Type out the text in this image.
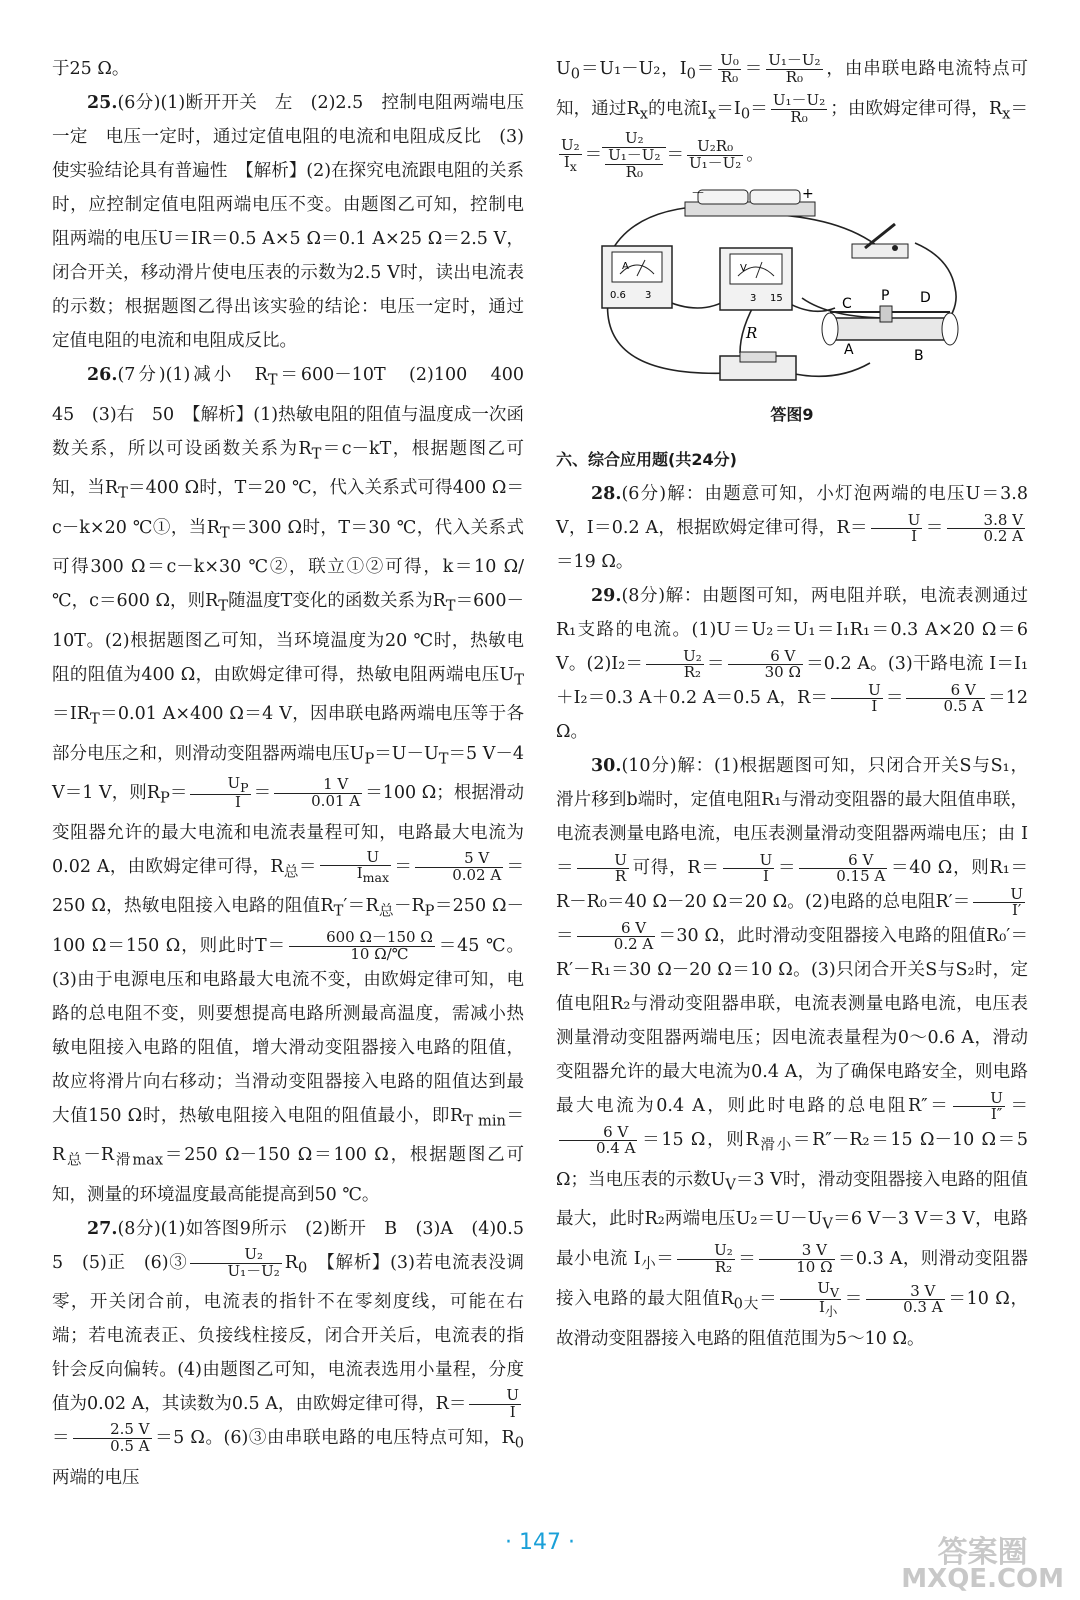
于25 Ω。

25.(6分)(1)断开开关　左　(2)2.5　控制电阻两端电压一定　电压一定时，通过定值电阻的电流和电阻成反比　(3)使实验结论具有普遍性　【解析】(2)在探究电流跟电阻的关系时，应控制定值电阻两端电压不变。由题图乙可知，控制电阻两端的电压U＝IR＝0.5 A×5 Ω＝0.1 A×25 Ω＝2.5 V，闭合开关，移动滑片使电压表的示数为2.5 V时，读出电流表的示数；根据题图乙得出该实验的结论：电压一定时，通过定值电阻的电流和电阻成反比。

26.(7分)(1)减小　$R_T=600-10T$　(2)100　400　45　(3)右　50　【解析】(1)热敏电阻的阻值与温度成一次函数关系，所以可设函数关系为$R_T=c-kT$，根据题图乙可知，当$R_T=400$ Ω时，T＝20 ℃，代入关系式可得400 Ω＝c－k×20 ℃①，当$R_T=300$ Ω时，T＝30 ℃，代入关系式可得300 Ω＝c－k×30 ℃②，联立①②可得，k＝10 Ω/℃，c＝600 Ω，则$R_T$随温度T变化的函数关系为$R_T=600-10T$。(2)根据题图乙可知，当环境温度为20 ℃时，热敏电阻的阻值为400 Ω，由欧姆定律可得，热敏电阻两端电压$U_T=IR_T=0.01$ A×400 Ω＝4 V，因串联电路两端电压等于各部分电压之和，则滑动变阻器两端电压$U_P=U-U_T=5$ V－4 V＝1 V，则$R_P= \frac{U_P}{I} = \frac{1 V}{0.01 A} =100$ Ω；根据滑动变阻器允许的最大电流和电流表量程可知，电路最大电流为0.02 A，由欧姆定律可得，$R_总=$	U
$I_{max}$
＝ $\frac{5 V}{0.02 A} =250$ Ω，热敏电阻接入电路的阻值$R_T'=R_总-R_P=250$ Ω－100 Ω＝150 Ω，则此时$T= \frac{600 \Omega-150 \Omega}{10 \Omega/℃} =45$ ℃。(3)由于电源电压和电路最大电流不变，由欧姆定律可知，电路的总电阻不变，则要想提高电路所测最高温度，需减小热敏电阻接入电路的阻值，增大滑动变阻器接入电路的阻值，故应将滑片向右移动；当滑动变阻器接入电路的阻值达到最大值150 Ω时，热敏电阻接入电阻的阻值最小，即$R_{T min}=R_总-R_{滑max}=250$ Ω－150 Ω＝100 Ω，根据题图乙可知，测量的环境温度最高能提高到50 ℃。

27.(8分)(1)如答图9所示　(2)断开　B　(3)A　(4)0.5　5　(5)正　(6)③ $\frac{\text{U₂}}{\text{U₁－U₂}} R_0$　【解析】(3)若电流表没调零，开关闭合前，电流表的指针不在零刻度线，可能在右端；若电流表正、负接线柱接反，闭合开关后，电流表的指针会反向偏转。(4)由题图乙可知，电流表选用小量程，分度值为0.02 A，其读数为0.5 A，由欧姆定律可得，$R= \frac{U}{I}$
＝ $\frac{2.5 V}{0.5 A} =5$ Ω。(6)③由串联电路的电压特点可知，$R_0$两端的电压

$U_0=U_1-U_2$，$I_0= \frac{\text{U₀}}{\text{R₀}} = \frac{\text{U₁－U₂}}{\text{R₀}}$ ，由串联电路电流特点可知，通过$R_x$的电流$I_x=I_0= \frac{\text{U₁－U₂}}{\text{R₀}}$ ；由欧姆定律可得，$R_x=$
$\frac{\text{U₂}}{I_x} = \frac{\text{U₂}}{\frac{\text{U₁－U₂}}{\text{R₀}}} = \frac{\text{U₂R₀}}{\text{U₁－U₂}}$ 。

－	+
A
0.6 3
V
3 15	C P D
A	B
R
答图9

六、综合应用题(共24分)

28.(6分)解：由题意可知，小灯泡两端的电压U＝3.8 V，I＝0.2 A，根据欧姆定律可得，$R= \frac{U}{I} = \frac{3.8 V}{0.2 A}$
＝19 Ω。

29.(8分)解：由题图可知，两电阻并联，电流表测通过R₁支路的电流。(1)U＝U₂＝U₁＝I₁R₁＝0.3 A×20 Ω＝6 V。$(2)I_2= \frac{\text{U₂}}{\text{R₂}} = \frac{6 V}{30 \Omega} =0.2$ A。(3)干路电流 I＝I₁＋I₂＝0.3 A＋0.2 A＝0.5 A，$R= \frac{U}{I} = \frac{6 V}{0.5 A} =12$ Ω。

30.(10分)解：(1)根据题图可知，只闭合开关S与S₁，滑片移到b端时，定值电阻R₁与滑动变阻器的最大阻值串联，电流表测量电路电流，电压表测量滑动变阻器两端电压；由 $I= \frac{U}{R}$ 可得，$R= \frac{U}{I} = \frac{6 V}{0.15 A} =40$ Ω，则R₁＝R－R₀＝40 Ω－20 Ω＝20 Ω。(2)电路的总电阻$R'= \frac{U}{I'}$
＝ $\frac{6 V}{0.2 A} =30$ Ω，此时滑动变阻器接入电路的阻值R₀′＝R′－R₁＝30 Ω－20 Ω＝10 Ω。(3)只闭合开关S与S₂时，定值电阻R₂与滑动变阻器串联，电流表测量电路电流，电压表测量滑动变阻器两端电压；因电流表量程为0～0.6 A，滑动变阻器允许的最大电流为0.4 A，为了确保电路安全，则电路最大电流为0.4 A，则此时电路的总电阻$R''= \frac{U}{I''}$ ＝
$\frac{6 V}{0.4 A} =15$ Ω，则$R_{滑小}=R''-R_2=15$ Ω－10 Ω＝5 Ω；当电压表的示数$U_V=3$ V时，滑动变阻器接入电路的阻值最大，此时R₂两端电压$U_2=U-U_V=6$ V－3 V＝3 V，电路最小电流 $I_小= \frac{\text{U₂}}{\text{R₂}} = \frac{3 V}{10 \Omega} =0.3$ A，则滑动变阻器接入电路的最大阻值$R_{0大}=$
$U_V$
$I_小$
＝ $\frac{3 V}{0.3 A} =10$ Ω，故滑动变阻器接入电路的阻值范围为5～10 Ω。

· 147 ·	答案圈
MXQE.COM
